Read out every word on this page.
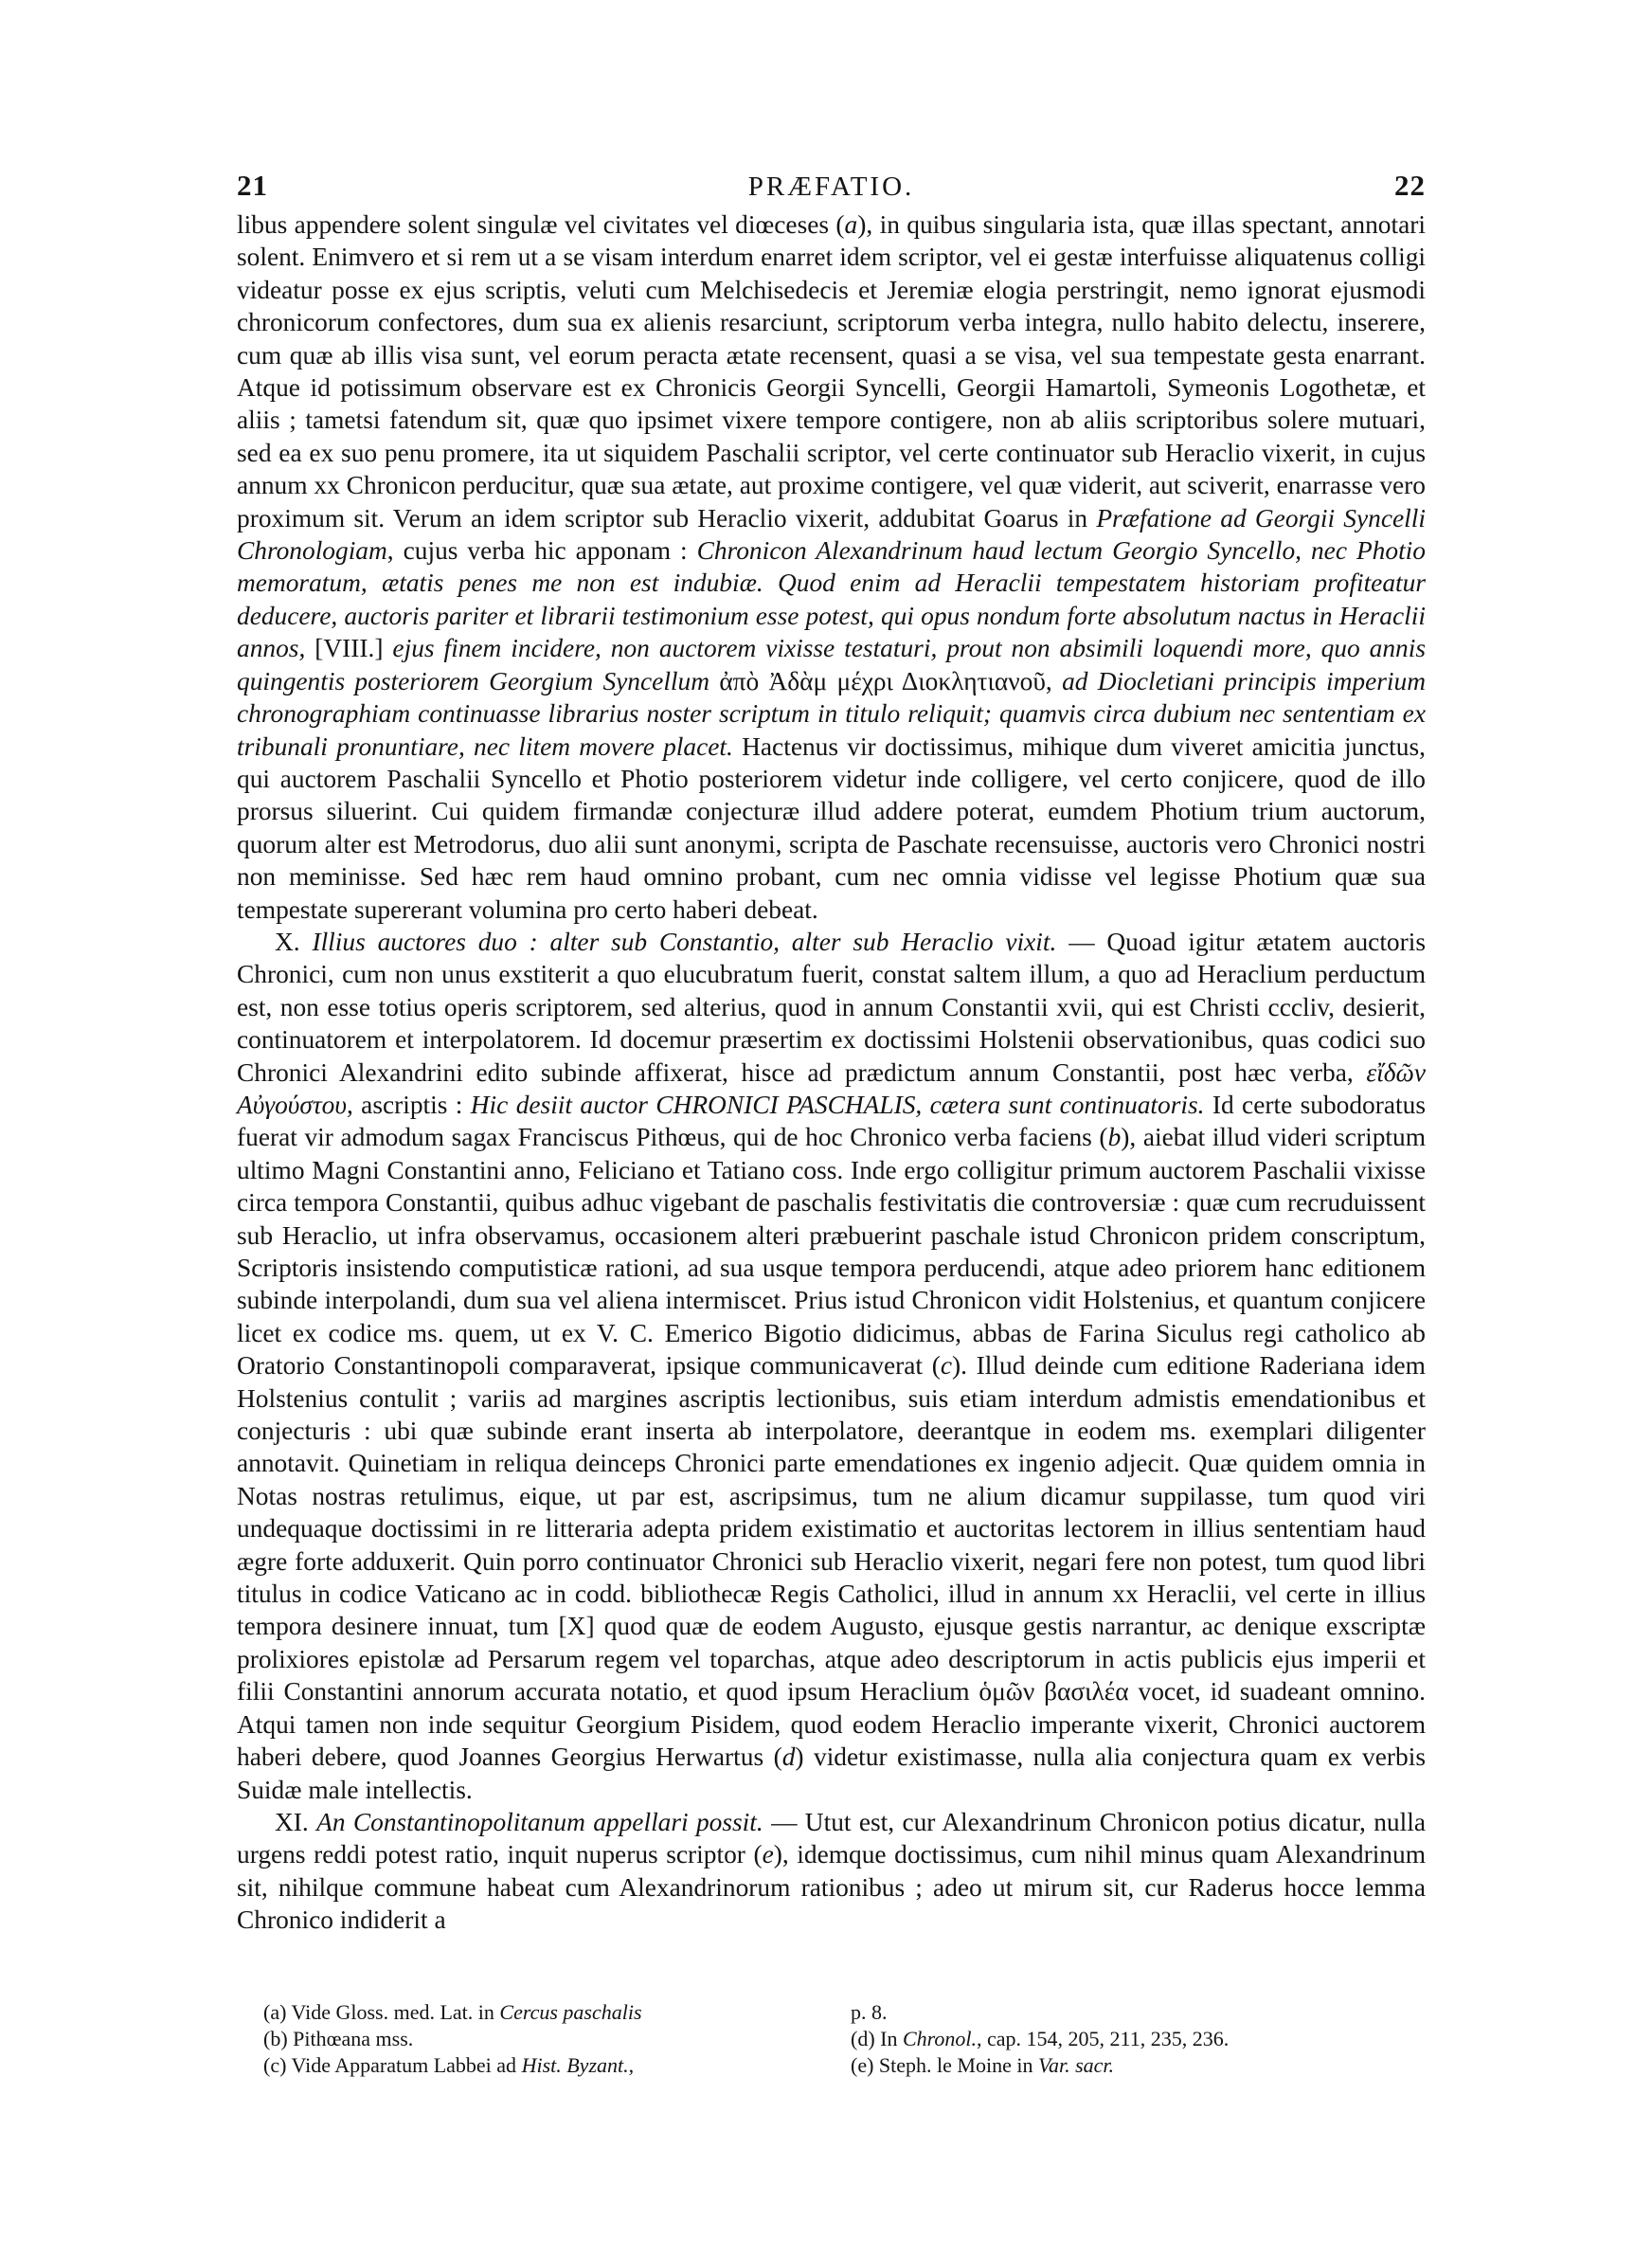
21	PRÆFATIO.	22

libus appendere solent singulæ vel civitates vel diœceses (a), in quibus singularia ista, quæ illas spectant, annotari solent. Enimvero et si rem ut a se visam interdum enarret idem scriptor, vel ei gestæ interfuisse aliquatenus colligi videatur posse ex ejus scriptis, veluti cum Melchisedecis et Jeremiæ elogia perstringit, nemo ignorat ejusmodi chronicorum confectores, dum sua ex alienis resarciunt, scriptorum verba integra, nullo habito delectu, inserere, cum quæ ab illis visa sunt, vel eorum peracta ætate recensent, quasi a se visa, vel sua tempestate gesta enarrant. Atque id potissimum observare est ex Chronicis Georgii Syncelli, Georgii Hamartoli, Symeonis Logothetæ, et aliis ; tametsi fatendum sit, quæ quo ipsimet vixere tempore contigere, non ab aliis scriptoribus solere mutuari, sed ea ex suo penu promere, ita ut siquidem Paschalii scriptor, vel certe continuator sub Heraclio vixerit, in cujus annum xx Chronicon perducitur, quæ sua ætate, aut proxime contigere, vel quæ viderit, aut sciverit, enarrasse vero proximum sit. Verum an idem scriptor sub Heraclio vixerit, addubitat Goarus in Præfatione ad Georgii Syncelli Chronologiam, cujus verba hic apponam : Chronicon Alexandrinum haud lectum Georgio Syncello, nec Photio memoratum, ætatis penes me non est indubiæ. Quod enim ad Heraclii tempestatem historiam profiteatur deducere, auctoris pariter et librarii testimonium esse potest, qui opus nondum forte absolutum nactus in Heraclii annos, [VIII.] ejus finem incidere, non auctorem vixisse testaturi, prout non absimili loquendi more, quo annis quingentis posteriorem Georgium Syncellum ἀπὸ Ἀδὰμ μέχρι Διοκλητιανοῦ, ad Diocletiani principis imperium chronographiam continuasse librarius noster scriptum in titulo reliquit; quamvis circa dubium nec sententiam ex tribunali pronuntiare, nec litem movere placet. Hactenus vir doctissimus, mihique dum viveret amicitia junctus, qui auctorem Paschalii Syncello et Photio posteriorem videtur inde colligere, vel certo conjicere, quod de illo prorsus siluerint. Cui quidem firmandæ conjecturæ illud addere poterat, eumdem Photium trium auctorum, quorum alter est Metrodorus, duo alii sunt anonymi, scripta de Paschate recensuisse, auctoris vero Chronici nostri non meminisse. Sed hæc rem haud omnino probant, cum nec omnia vidisse vel legisse Photium quæ sua tempestate supererant volumina pro certo haberi debeat.

X. Illius auctores duo : alter sub Constantio, alter sub Heraclio vixit. — Quoad igitur ætatem auctoris Chronici, cum non unus exstiterit a quo elucubratum fuerit, constat saltem illum, a quo ad Heraclium perductum est, non esse totius operis scriptorem, sed alterius, quod in annum Constantii xvii, qui est Christi cccliv, desierit, continuatorem et interpolatorem. Id docemur præsertim ex doctissimi Holstenii observationibus, quas codici suo Chronici Alexandrini edito subinde affixerat, hisce ad prædictum annum Constantii, post hæc verba, εἴδῶν Αὐγούστου, ascriptis : Hic desiit auctor CHRONICI PASCHALIS, cætera sunt continuatoris. Id certe subodoratus fuerat vir admodum sagax Franciscus Pithœus, qui de hoc Chronico verba faciens (b), aiebat illud videri scriptum ultimo Magni Constantini anno, Feliciano et Tatiano coss. Inde ergo colligitur primum auctorem Paschalii vixisse circa tempora Constantii, quibus adhuc vigebant de paschalis festivitatis die controversiæ : quæ cum recruduissent sub Heraclio, ut infra observamus, occasionem alteri præbuerint paschale istud Chronicon pridem conscriptum, Scriptoris insistendo computisticæ rationi, ad sua usque tempora perducendi, atque adeo priorem hanc editionem subinde interpolandi, dum sua vel aliena intermiscet. Prius istud Chronicon vidit Holstenius, et quantum conjicere licet ex codice ms. quem, ut ex V. C. Emerico Bigotio didicimus, abbas de Farina Siculus regi catholico ab Oratorio Constantinopoli comparaverat, ipsique communicaverat (c). Illud deinde cum editione Raderiana idem Holstenius contulit ; variis ad margines ascriptis lectionibus, suis etiam interdum admistis emendationibus et conjecturis : ubi quæ subinde erant inserta ab interpolatore, deerantque in eodem ms. exemplari diligenter annotavit. Quinetiam in reliqua deinceps Chronici parte emendationes ex ingenio adjecit. Quæ quidem omnia in Notas nostras retulimus, eique, ut par est, ascripsimus, tum ne alium dicamur suppilasse, tum quod viri undequaque doctissimi in re litteraria adepta pridem existimatio et auctoritas lectorem in illius sententiam haud ægre forte adduxerit. Quin porro continuator Chronici sub Heraclio vixerit, negari fere non potest, tum quod libri titulus in codice Vaticano ac in codd. bibliothecæ Regis Catholici, illud in annum xx Heraclii, vel certe in illius tempora desinere innuat, tum [X] quod quæ de eodem Augusto, ejusque gestis narrantur, ac denique exscriptæ prolixiores epistolæ ad Persarum regem vel toparchas, atque adeo descriptorum in actis publicis ejus imperii et filii Constantini annorum accurata notatio, et quod ipsum Heraclium ὁμῶν βασιλέα vocet, id suadeant omnino. Atqui tamen non inde sequitur Georgium Pisidem, quod eodem Heraclio imperante vixerit, Chronici auctorem haberi debere, quod Joannes Georgius Herwartus (d) videtur existimasse, nulla alia conjectura quam ex verbis Suidæ male intellectis.

XI. An Constantinopolitanum appellari possit. — Utut est, cur Alexandrinum Chronicon potius dicatur, nulla urgens reddi potest ratio, inquit nuperus scriptor (e), idemque doctissimus, cum nihil minus quam Alexandrinum sit, nihilque commune habeat cum Alexandrinorum rationibus ; adeo ut mirum sit, cur Raderus hocce lemma Chronico indiderit a

(a) Vide Gloss. med. Lat. in Cercus paschalis	p. 8.
(b) Pithœana mss.	(d) In Chronol., cap. 154, 205, 211, 235, 236.
(c) Vide Apparatum Labbei ad Hist. Byzant.,	(e) Steph. le Moine in Var. sacr.
